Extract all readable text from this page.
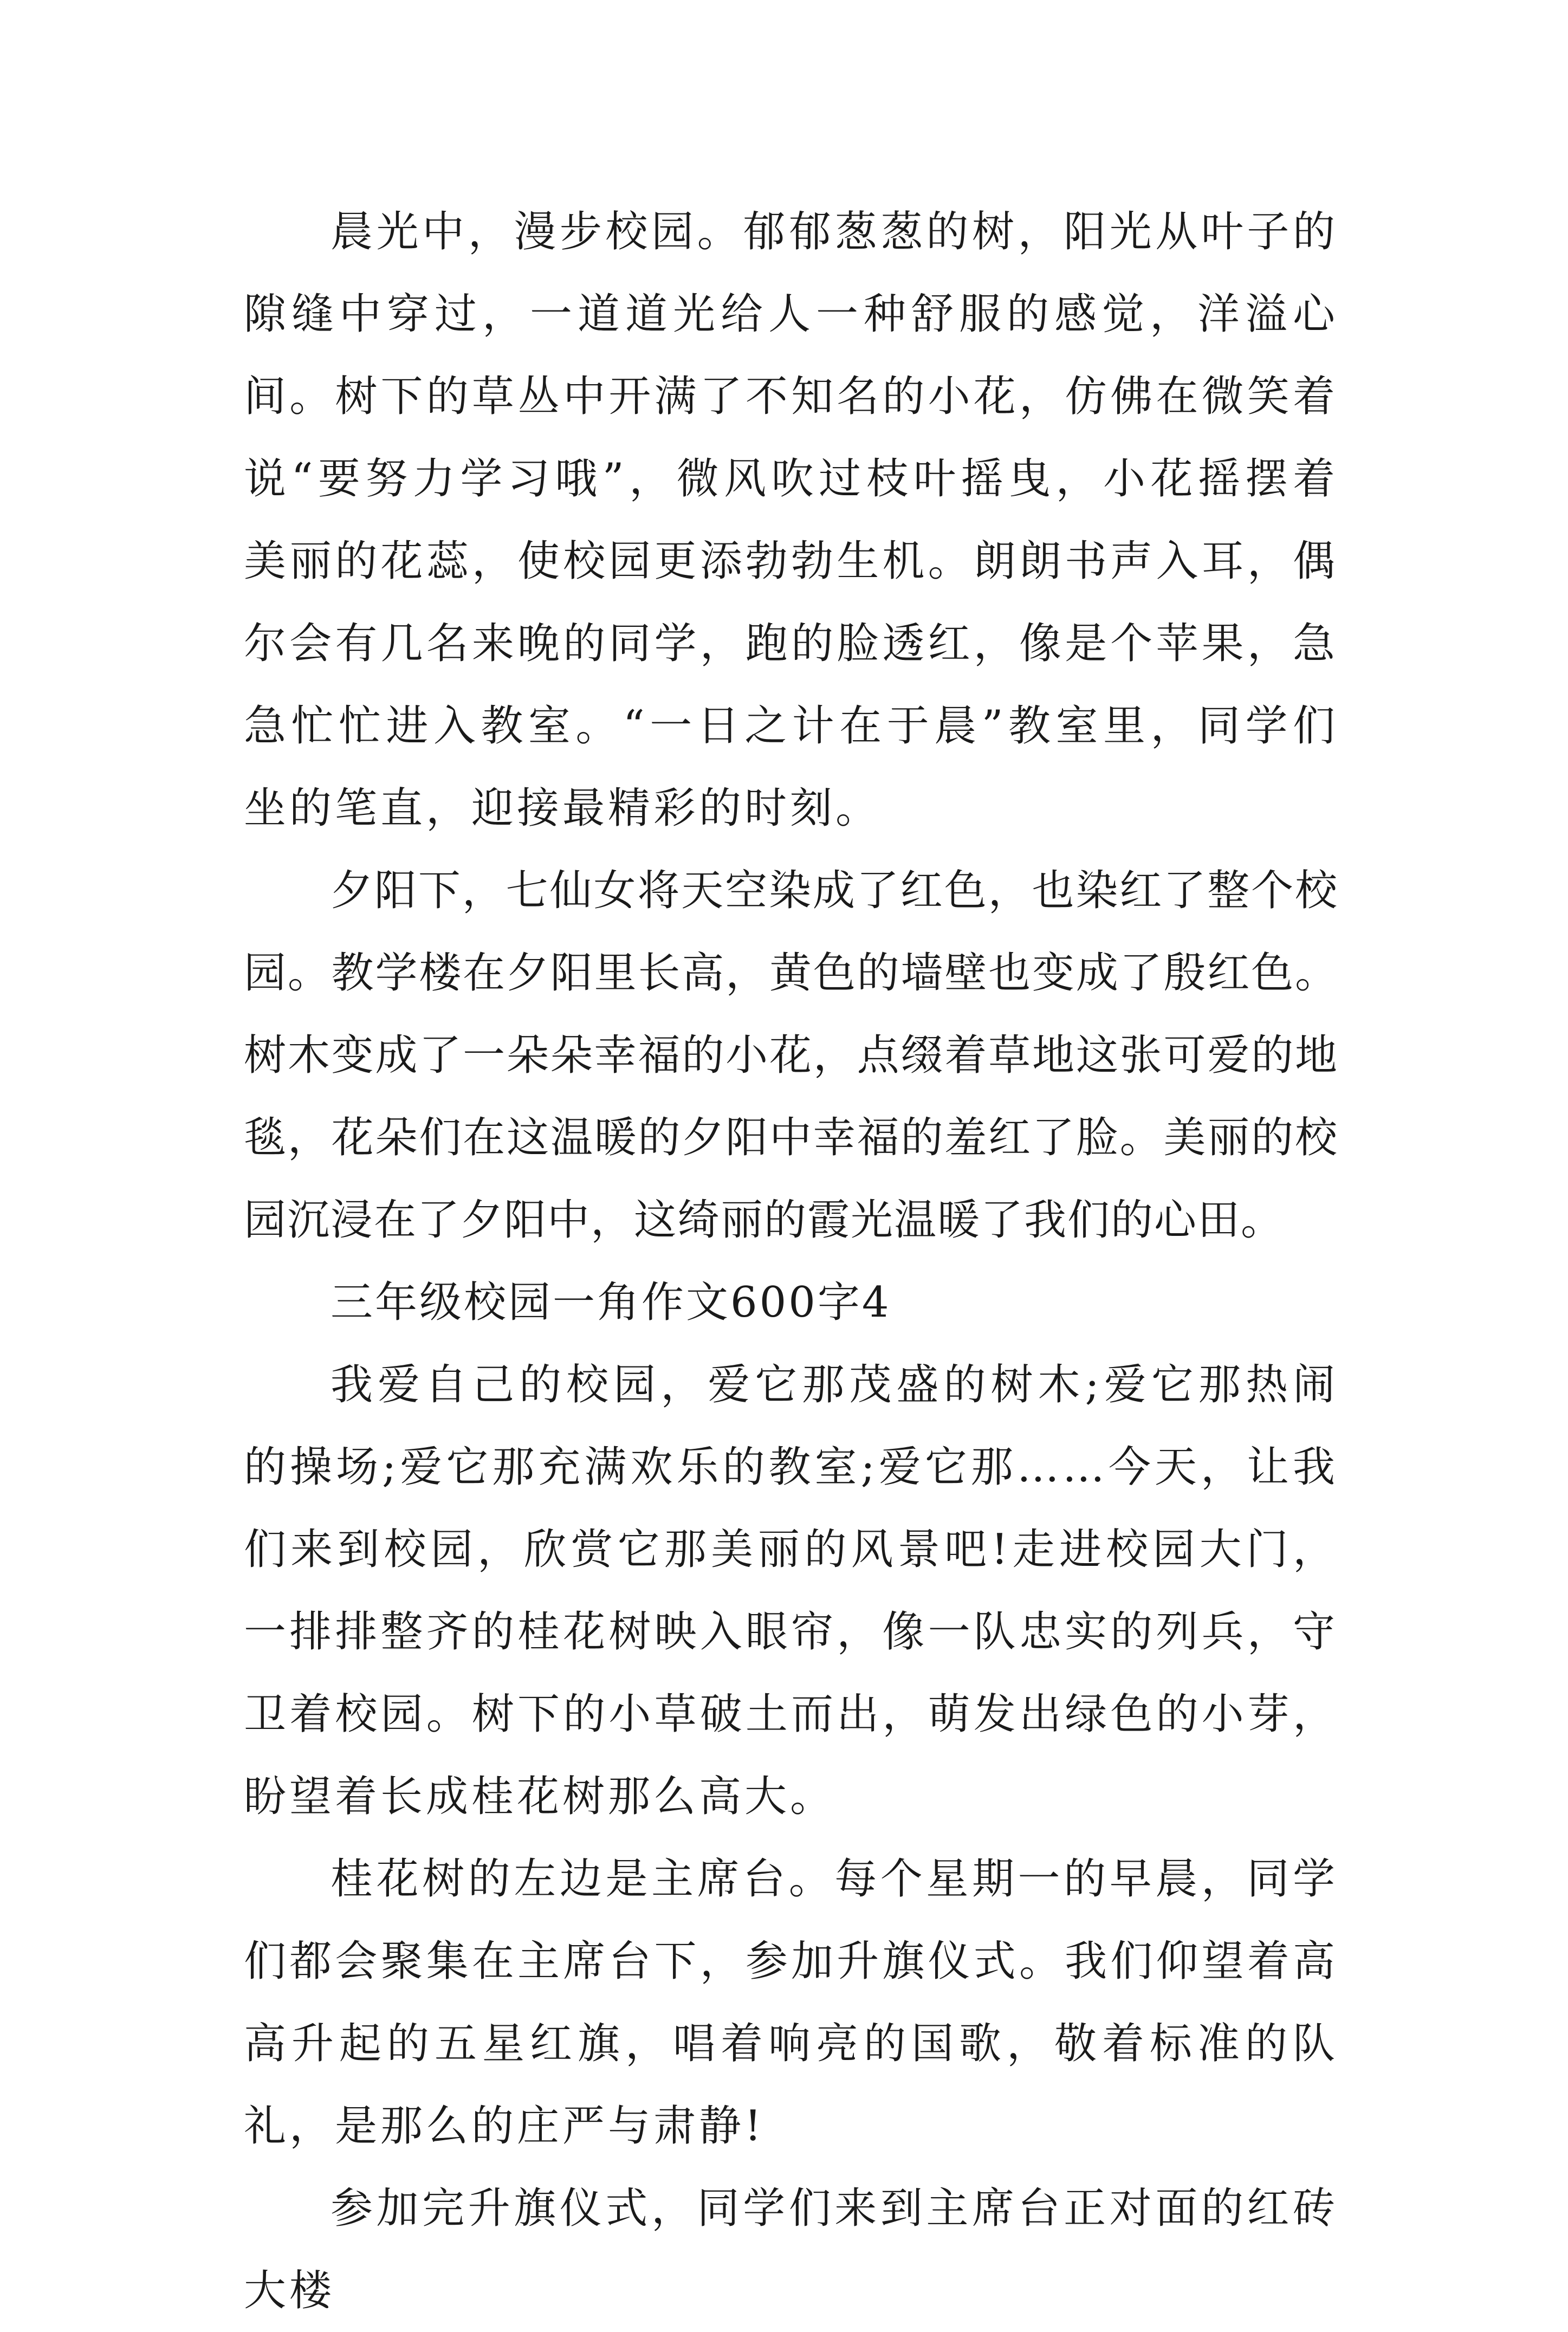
晨光中，漫步校园。郁郁葱葱的树，阳光从叶子的隙缝中穿过，一道道光给人一种舒服的感觉，洋溢心间。树下的草丛中开满了不知名的小花，仿佛在微笑着说“要努力学习哦”，微风吹过枝叶摇曳，小花摇摆着美丽的花蕊，使校园更添勃勃生机。朗朗书声入耳，偶尔会有几名来晚的同学，跑的脸透红，像是个苹果，急急忙忙进入教室。“一日之计在于晨”教室里，同学们坐的笔直，迎接最精彩的时刻。

夕阳下，七仙女将天空染成了红色，也染红了整个校园。教学楼在夕阳里长高，黄色的墙壁也变成了殷红色。树木变成了一朵朵幸福的小花，点缀着草地这张可爱的地毯，花朵们在这温暖的夕阳中幸福的羞红了脸。美丽的校园沉浸在了夕阳中，这绮丽的霞光温暖了我们的心田。

三年级校园一角作文600字4

我爱自己的校园，爱它那茂盛的树木;爱它那热闹的操场;爱它那充满欢乐的教室;爱它那……今天，让我们来到校园，欣赏它那美丽的风景吧!走进校园大门，一排排整齐的桂花树映入眼帘，像一队忠实的列兵，守卫着校园。树下的小草破土而出，萌发出绿色的小芽，盼望着长成桂花树那么高大。

桂花树的左边是主席台。每个星期一的早晨，同学们都会聚集在主席台下，参加升旗仪式。我们仰望着高高升起的五星红旗，唱着响亮的国歌，敬着标准的队礼，是那么的庄严与肃静!

参加完升旗仪式，同学们来到主席台正对面的红砖大楼
